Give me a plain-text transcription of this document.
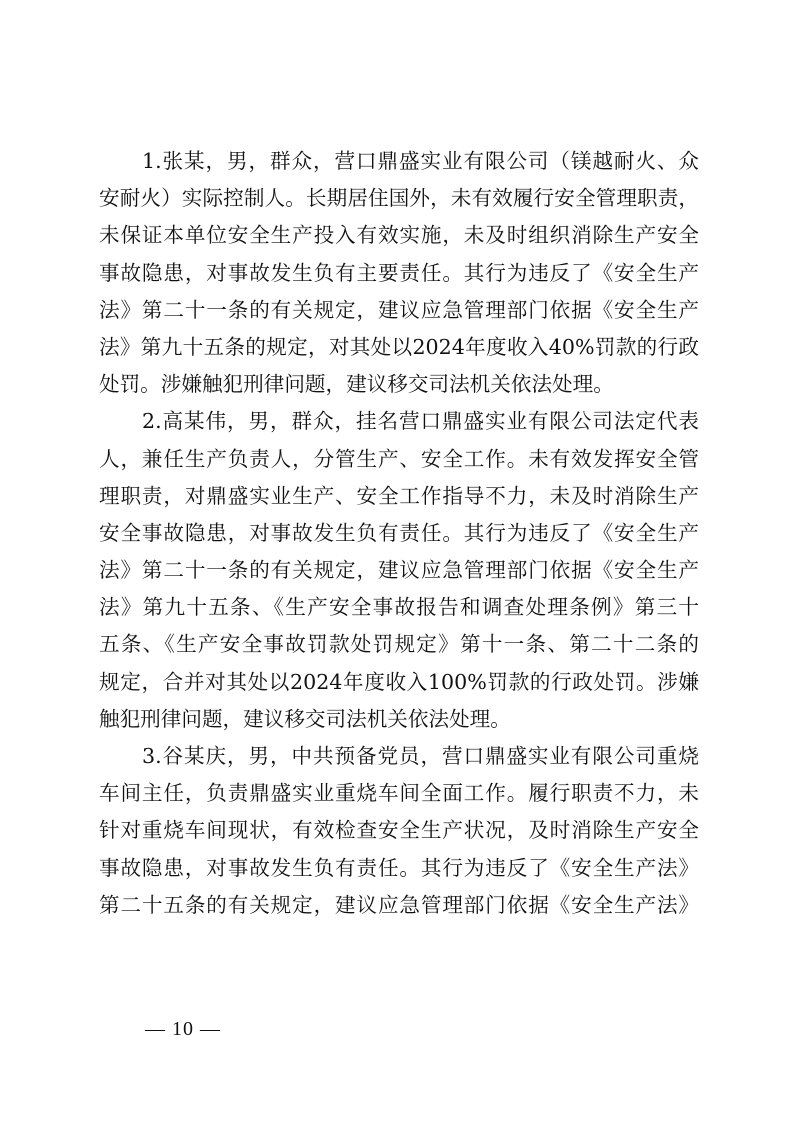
　　1.张某，男，群众，营口鼎盛实业有限公司（镁越耐火、众
安耐火）实际控制人。长期居住国外，未有效履行安全管理职责，
未保证本单位安全生产投入有效实施，未及时组织消除生产安全
事故隐患，对事故发生负有主要责任。其行为违反了《安全生产
法》第二十一条的有关规定，建议应急管理部门依据《安全生产
法》第九十五条的规定，对其处以2024年度收入40%罚款的行政
处罚。涉嫌触犯刑律问题，建议移交司法机关依法处理。
　　2.高某伟，男，群众，挂名营口鼎盛实业有限公司法定代表
人，兼任生产负责人，分管生产、安全工作。未有效发挥安全管
理职责，对鼎盛实业生产、安全工作指导不力，未及时消除生产
安全事故隐患，对事故发生负有责任。其行为违反了《安全生产
法》第二十一条的有关规定，建议应急管理部门依据《安全生产
法》第九十五条、《生产安全事故报告和调查处理条例》第三十
五条、《生产安全事故罚款处罚规定》第十一条、第二十二条的
规定，合并对其处以2024年度收入100%罚款的行政处罚。涉嫌
触犯刑律问题，建议移交司法机关依法处理。
　　3.谷某庆，男，中共预备党员，营口鼎盛实业有限公司重烧
车间主任，负责鼎盛实业重烧车间全面工作。履行职责不力，未
针对重烧车间现状，有效检查安全生产状况，及时消除生产安全
事故隐患，对事故发生负有责任。其行为违反了《安全生产法》
第二十五条的有关规定，建议应急管理部门依据《安全生产法》
— 10 —
